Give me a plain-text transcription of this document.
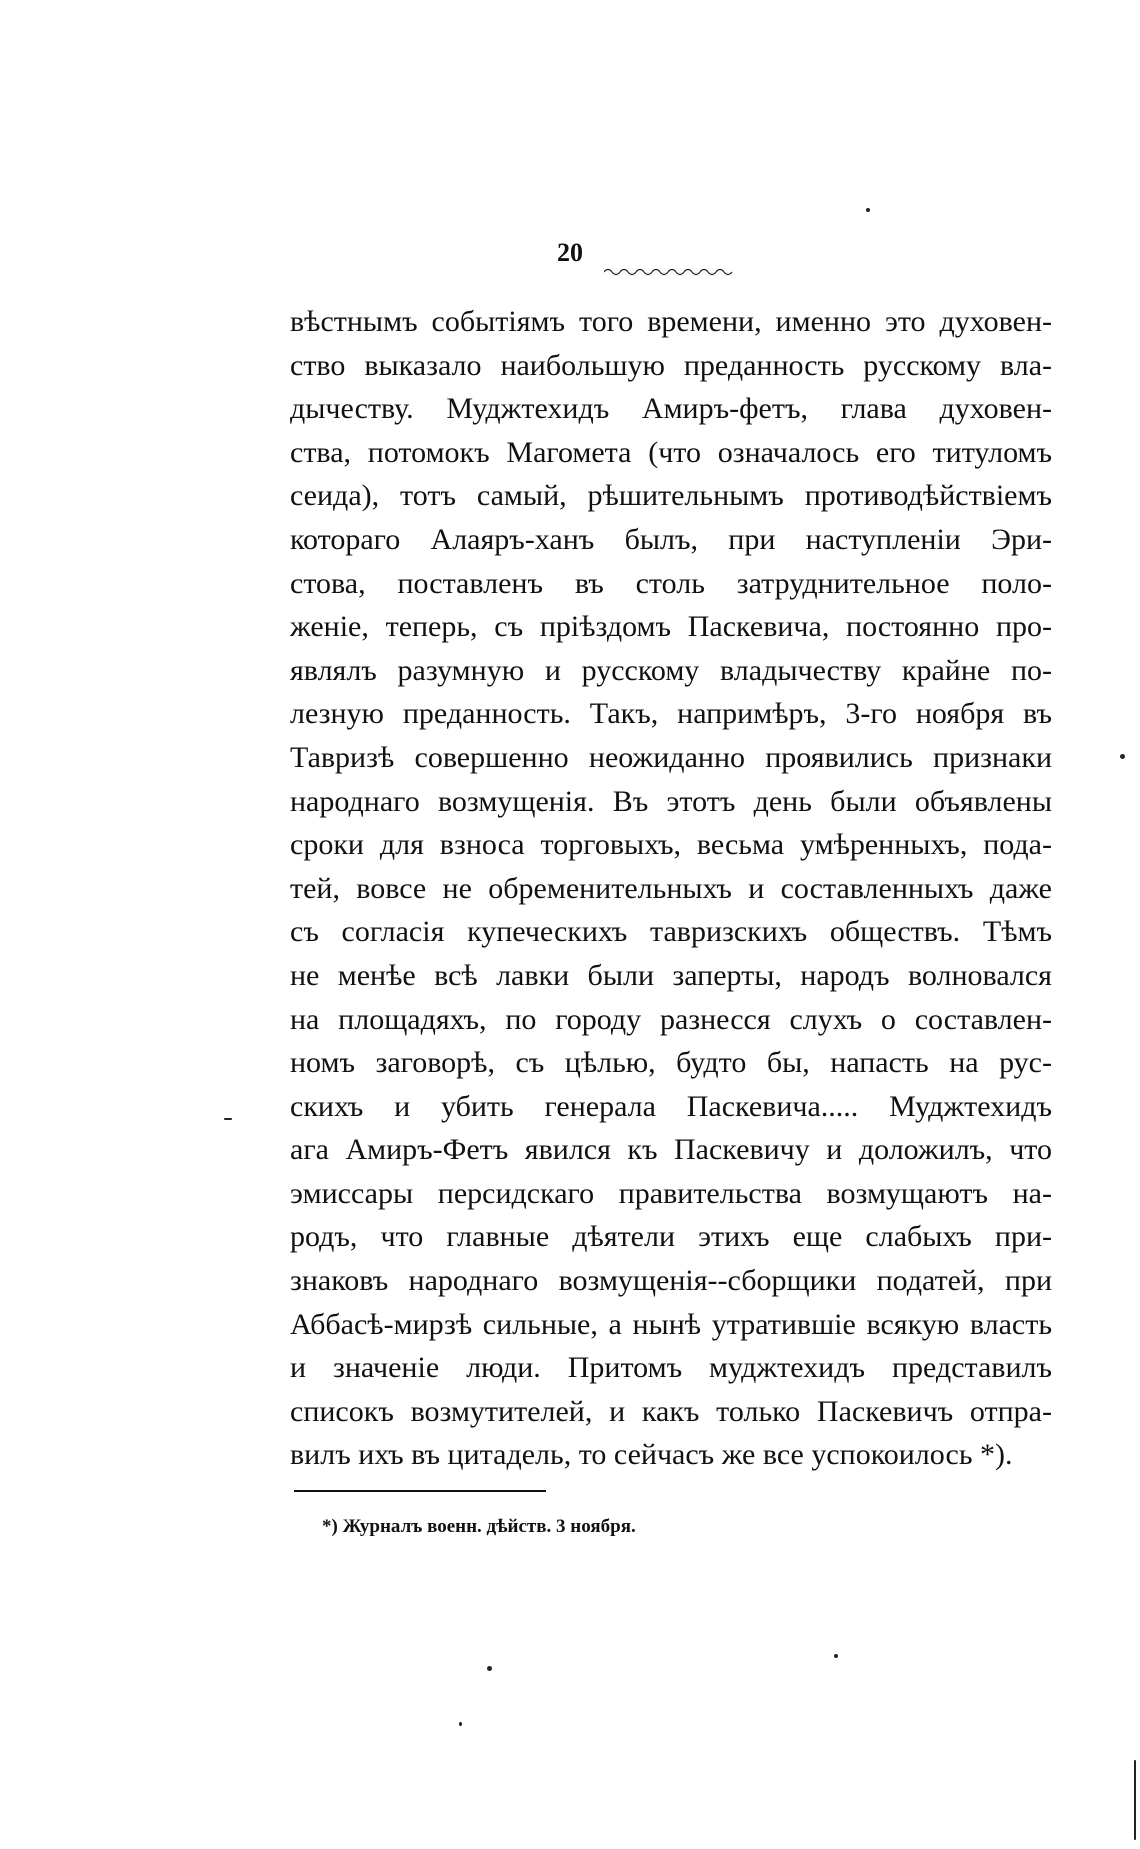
20
вѣстнымъ событіямъ того времени, именно это духовен-
ство выказало наибольшую преданность русскому вла-
дычеству. Муджтехидъ Амиръ-фетъ, глава духовен-
ства, потомокъ Магомета (что означалось его титуломъ
сеида), тотъ самый, рѣшительнымъ противодѣйствіемъ
котораго Алаяръ-ханъ былъ, при наступленіи Эри-
стова, поставленъ въ столь затруднительное поло-
женіе, теперь, съ пріѣздомъ Паскевича, постоянно про-
являлъ разумную и русскому владычеству крайне по-
лезную преданность. Такъ, напримѣръ, 3-го ноября въ
Тавризѣ совершенно неожиданно проявились признаки
народнаго возмущенія. Въ этотъ день были объявлены
сроки для взноса торговыхъ, весьма умѣренныхъ, пода-
тей, вовсе не обременительныхъ и составленныхъ даже
съ согласія купеческихъ тавризскихъ обществъ. Тѣмъ
не менѣе всѣ лавки были заперты, народъ волновался
на площадяхъ, по городу разнесся слухъ о составлен-
номъ заговорѣ, съ цѣлью, будто бы, напасть на рус-
скихъ и убить генерала Паскевича..... Муджтехидъ
ага Амиръ-Фетъ явился къ Паскевичу и доложилъ, что
эмиссары персидскаго правительства возмущаютъ на-
родъ, что главные дѣятели этихъ еще слабыхъ при-
знаковъ народнаго возмущенія--сборщики податей, при
Аббасѣ-мирзѣ сильные, а нынѣ утратившіе всякую власть
и значеніе люди. Притомъ муджтехидъ представилъ
списокъ возмутителей, и какъ только Паскевичъ отпра-
вилъ ихъ въ цитадель, то сейчасъ же все успокоилось *).
*) Журналъ военн. дѣйств. 3 ноября.
